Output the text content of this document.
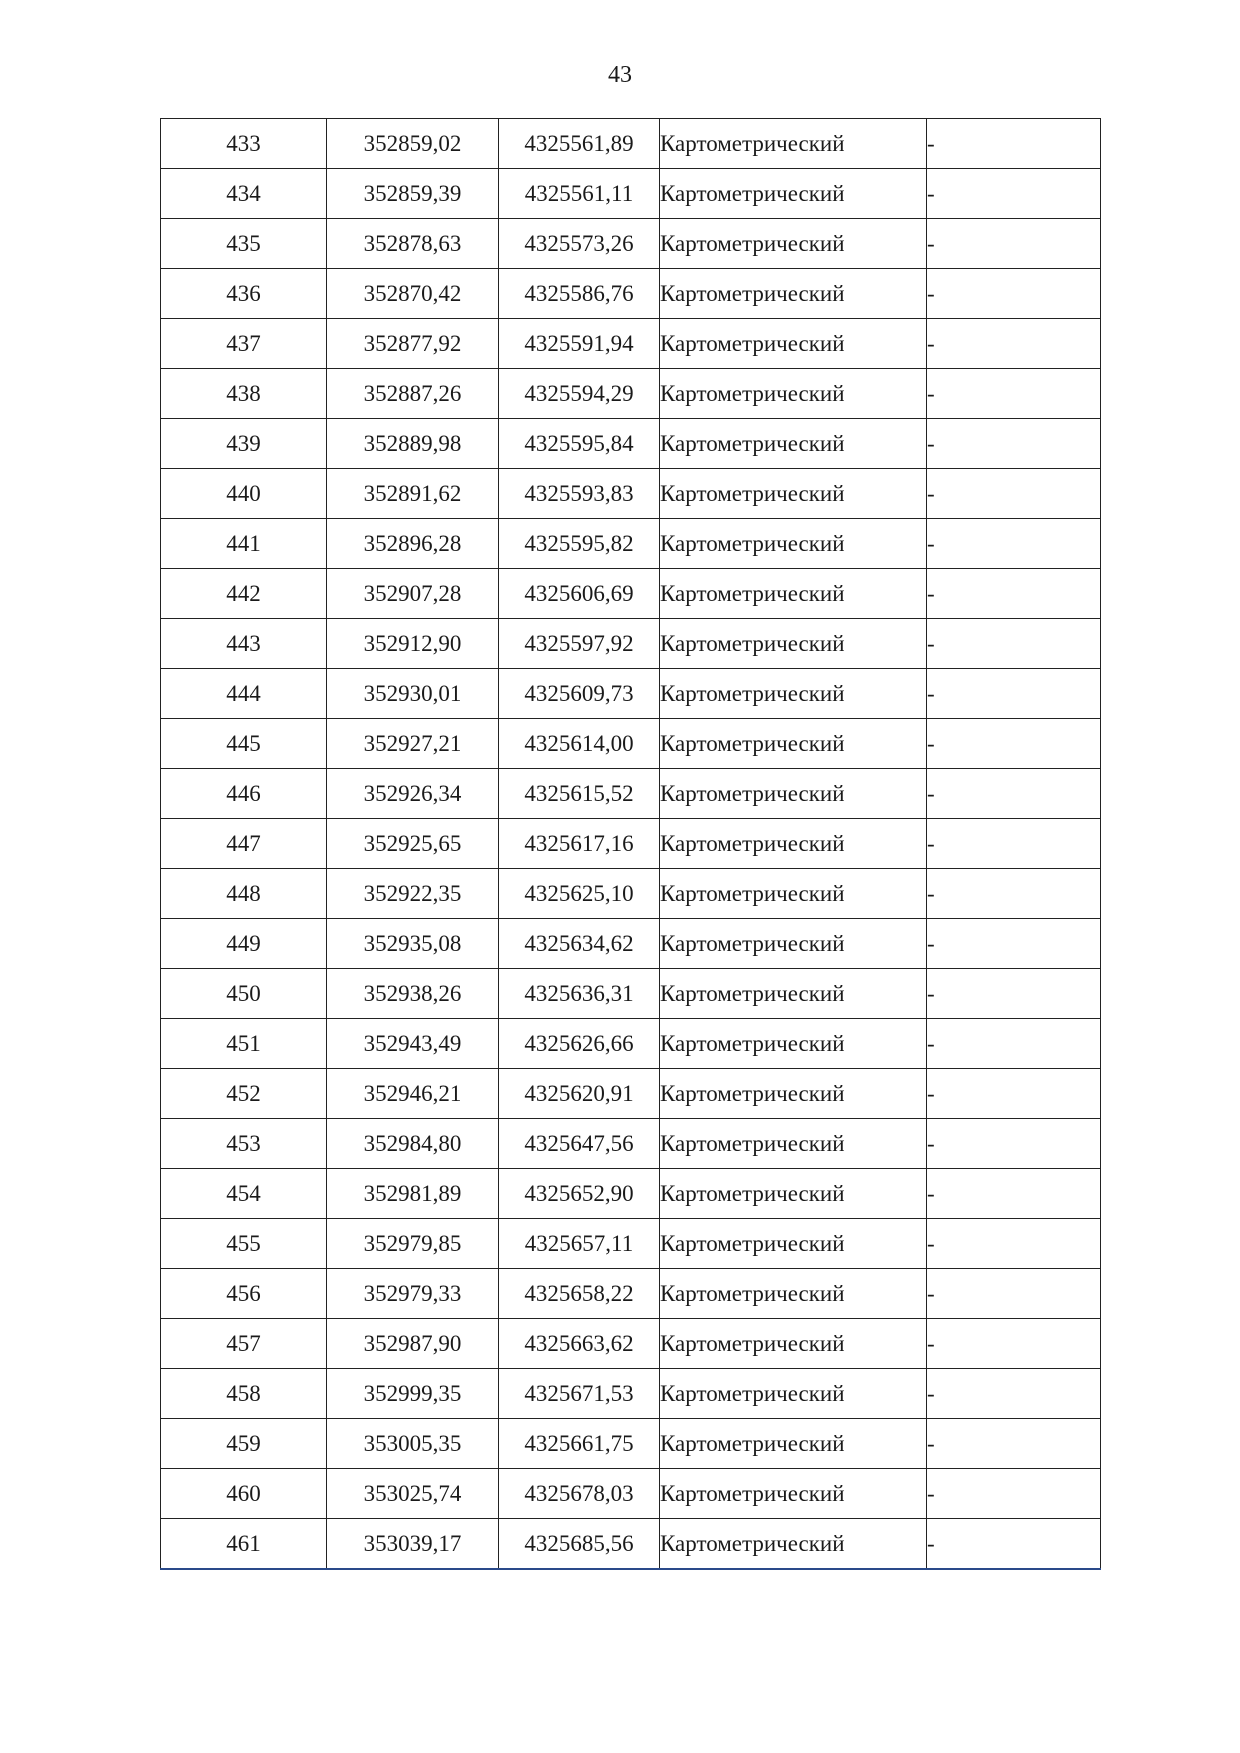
43
433	352859,02	4325561,89	Картометрический	-
434	352859,39	4325561,11	Картометрический	-
435	352878,63	4325573,26	Картометрический	-
436	352870,42	4325586,76	Картометрический	-
437	352877,92	4325591,94	Картометрический	-
438	352887,26	4325594,29	Картометрический	-
439	352889,98	4325595,84	Картометрический	-
440	352891,62	4325593,83	Картометрический	-
441	352896,28	4325595,82	Картометрический	-
442	352907,28	4325606,69	Картометрический	-
443	352912,90	4325597,92	Картометрический	-
444	352930,01	4325609,73	Картометрический	-
445	352927,21	4325614,00	Картометрический	-
446	352926,34	4325615,52	Картометрический	-
447	352925,65	4325617,16	Картометрический	-
448	352922,35	4325625,10	Картометрический	-
449	352935,08	4325634,62	Картометрический	-
450	352938,26	4325636,31	Картометрический	-
451	352943,49	4325626,66	Картометрический	-
452	352946,21	4325620,91	Картометрический	-
453	352984,80	4325647,56	Картометрический	-
454	352981,89	4325652,90	Картометрический	-
455	352979,85	4325657,11	Картометрический	-
456	352979,33	4325658,22	Картометрический	-
457	352987,90	4325663,62	Картометрический	-
458	352999,35	4325671,53	Картометрический	-
459	353005,35	4325661,75	Картометрический	-
460	353025,74	4325678,03	Картометрический	-
461	353039,17	4325685,56	Картометрический	-
